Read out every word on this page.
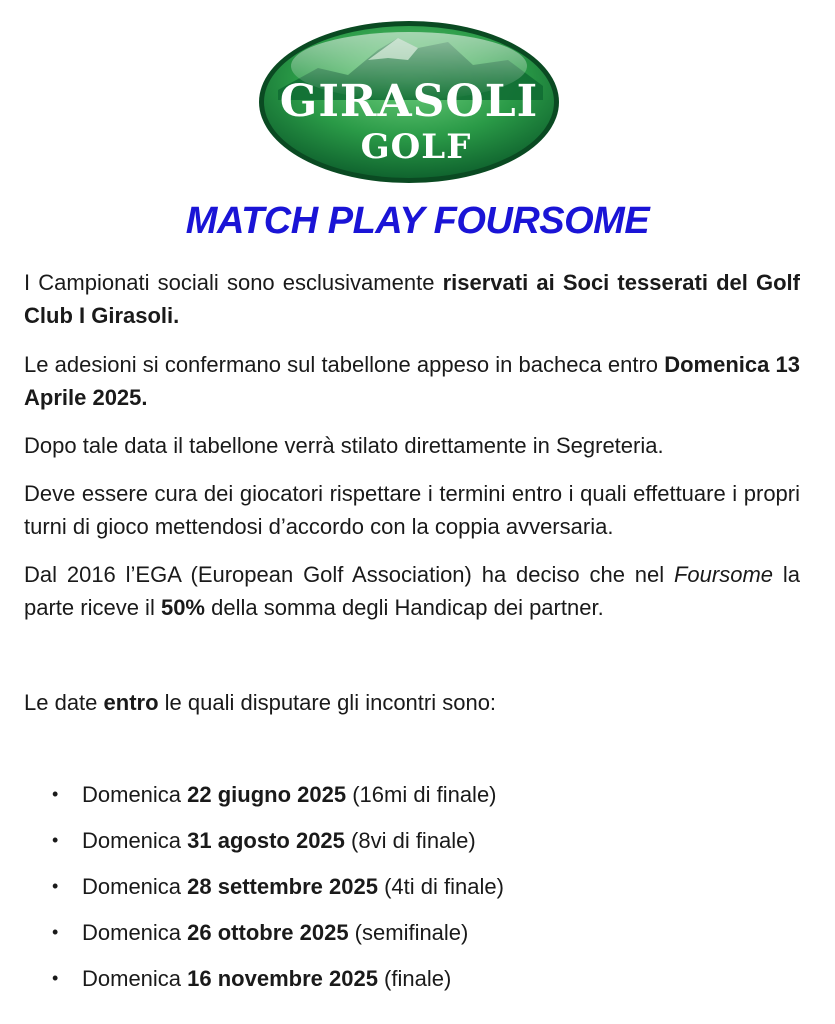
GIRASOLI
GOLF
MATCH PLAY FOURSOME

I Campionati sociali sono esclusivamente riservati ai Soci tesserati del Golf Club I Girasoli.

Le adesioni si confermano sul tabellone appeso in bacheca entro Domenica 13 Aprile 2025.

Dopo tale data il tabellone verrà stilato direttamente in Segreteria.

Deve essere cura dei giocatori rispettare i termini entro i quali effettuare i propri turni di gioco mettendosi d’accordo con la coppia avversaria.

Dal 2016 l’EGA (European Golf Association) ha deciso che nel Foursome la parte riceve il 50% della somma degli Handicap dei partner.

Le date entro le quali disputare gli incontri sono:

• Domenica 22 giugno 2025 (16mi di finale)
• Domenica 31 agosto 2025 (8vi di finale)
• Domenica 28 settembre 2025 (4ti di finale)
• Domenica 26 ottobre 2025 (semifinale)
• Domenica 16 novembre 2025 (finale)
